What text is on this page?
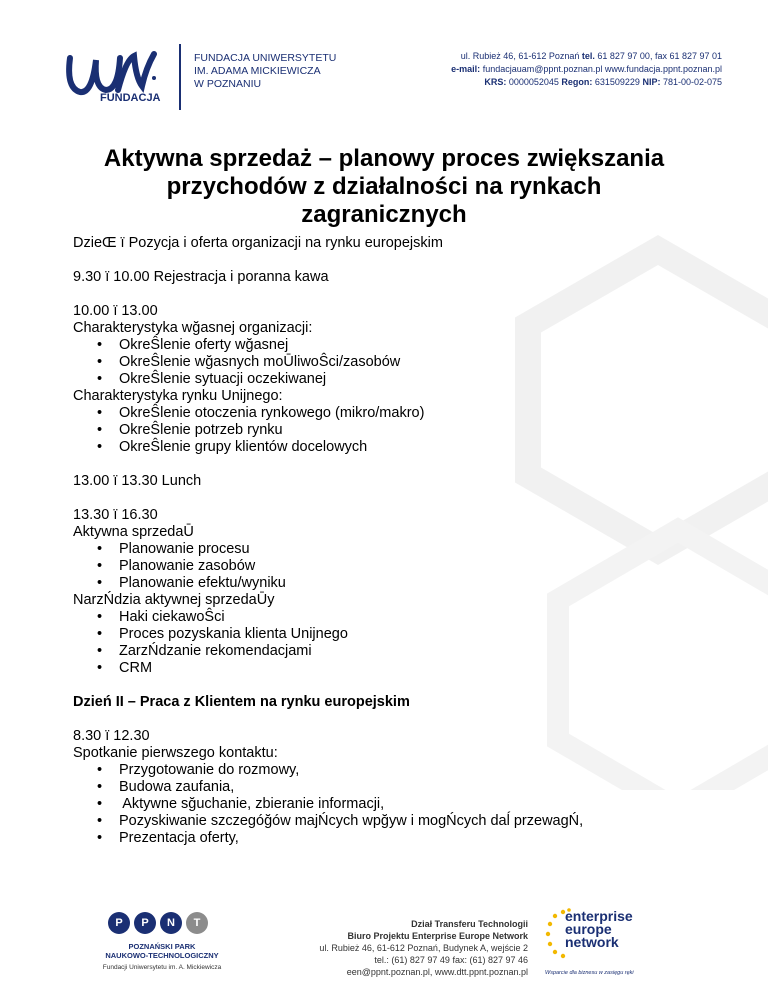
FUNDACJA
FUNDACJA UNIWERSYTETU
IM. ADAMA MICKIEWICZA
W POZNANIU
ul. Rubież 46, 61-612 Poznań tel. 61 827 97 00, fax 61 827 97 01
e-mail: fundacjauam@ppnt.poznan.pl www.fundacja.ppnt.poznan.pl
KRS: 0000052045 Regon: 631509229 NIP: 781-00-02-075
Aktywna sprzedaż – planowy proces zwiększania
przychodów z działalności na rynkach
zagranicznych

DzieŒ ï Pozycja i oferta organizacji na rynku europejskim

9.30 ï 10.00 Rejestracja i poranna kawa

10.00 ï 13.00

Charakterystyka wğasnej organizacji:

• OkreŜlenie oferty wğasnej
• OkreŜlenie wğasnych moŪliwoŜci/zasobów
• OkreŜlenie sytuacji oczekiwanej

Charakterystyka rynku Unijnego:

• OkreŜlenie otoczenia rynkowego (mikro/makro)
• OkreŜlenie potrzeb rynku
• OkreŜlenie grupy klientów docelowych

13.00 ï 13.30 Lunch

13.30 ï 16.30

Aktywna sprzedaŪ

• Planowanie procesu
• Planowanie zasobów
• Planowanie efektu/wyniku

NarzŃdzia aktywnej sprzedaŪy

• Haki ciekawoŜci
• Proces pozyskania klienta Unijnego
• ZarzŃdzanie rekomendacjami
• CRM

Dzień II – Praca z Klientem na rynku europejskim

8.30 ï 12.30

Spotkanie pierwszego kontaktu:

• Przygotowanie do rozmowy,
• Budowa zaufania,
• Aktywne sğuchanie, zbieranie informacji,
• Pozyskiwanie szczegóğów majŃcych wpğyw i mogŃcych daĺ przewagŃ,
• Prezentacja oferty,
P	P	N	T
POZNAŃSKI PARK
NAUKOWO-TECHNOLOGICZNY
Fundacji Uniwersytetu im. A. Mickiewicza
Dział Transferu Technologii
Biuro Projektu Enterprise Europe Network
ul. Rubież 46, 61-612 Poznań, Budynek A, wejście 2
tel.: (61) 827 97 49 fax: (61) 827 97 46
een@ppnt.poznan.pl, www.dtt.ppnt.poznan.pl
enterprise
europe
network
Wsparcie dla biznesu w zasięgu ręki
